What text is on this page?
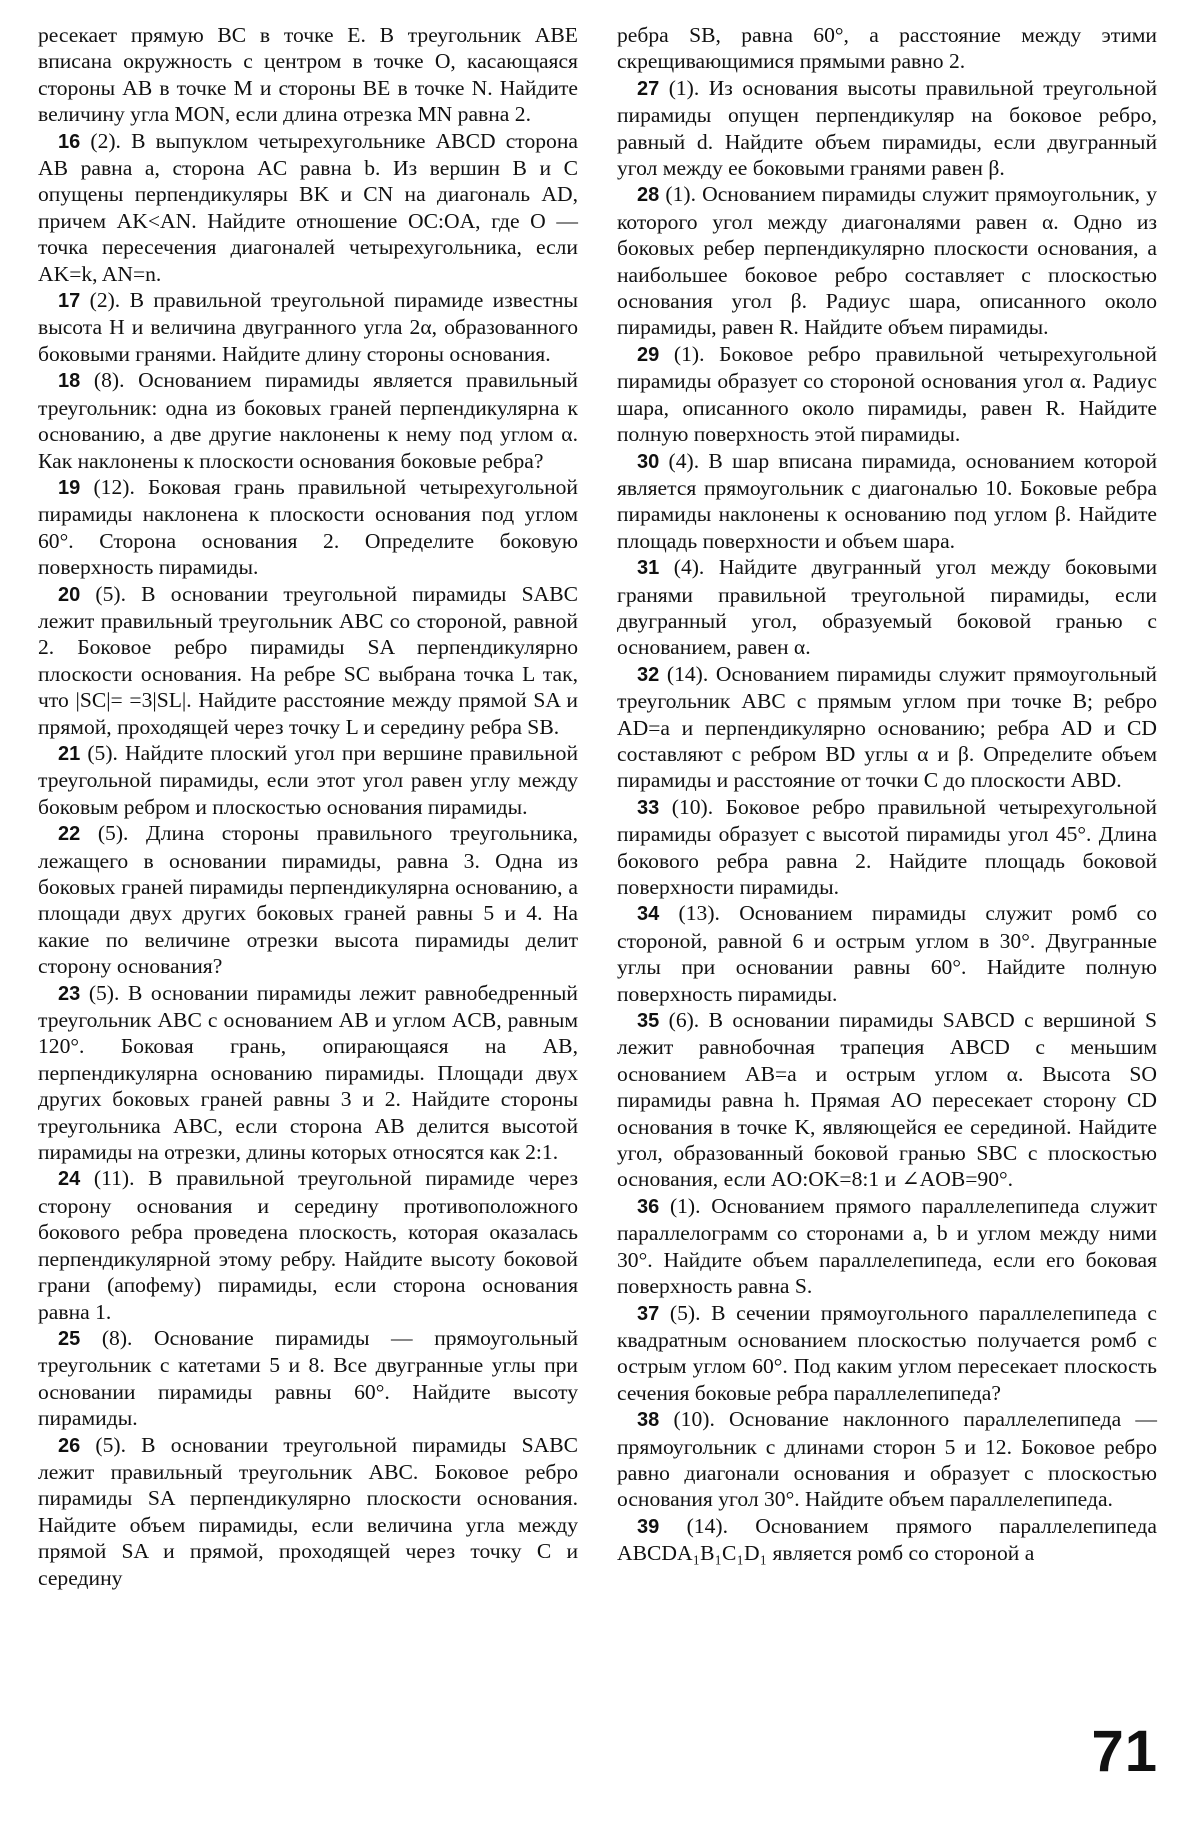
ресекает прямую BC в точке E. В треугольник ABE вписана окружность с центром в точке O, касающаяся стороны AB в точке M и стороны BE в точке N. Найдите величину угла MON, если длина отрезка MN равна 2.

16 (2). В выпуклом четырехугольнике ABCD сторона AB равна a, сторона AC равна b. Из вершин B и C опущены перпендикуляры BK и CN на диагональ AD, причем AK<AN. Найдите отношение OC:OA, где O — точка пересечения диагоналей четырехугольника, если AK=k, AN=n.

17 (2). В правильной треугольной пирамиде известны высота H и величина двугранного угла 2α, образованного боковыми гранями. Найдите длину стороны основания.

18 (8). Основанием пирамиды является правильный треугольник: одна из боковых граней перпендикулярна к основанию, а две другие наклонены к нему под углом α. Как наклонены к плоскости основания боковые ребра?

19 (12). Боковая грань правильной четырехугольной пирамиды наклонена к плоскости основания под углом 60°. Сторона основания 2. Определите боковую поверхность пирамиды.

20 (5). В основании треугольной пирамиды SABC лежит правильный треугольник ABC со стороной, равной 2. Боковое ребро пирамиды SA перпендикулярно плоскости основания. На ребре SC выбрана точка L так, что |SC|= =3|SL|. Найдите расстояние между прямой SA и прямой, проходящей через точку L и середину ребра SB.

21 (5). Найдите плоский угол при вершине правильной треугольной пирамиды, если этот угол равен углу между боковым ребром и плоскостью основания пирамиды.

22 (5). Длина стороны правильного треугольника, лежащего в основании пирамиды, равна 3. Одна из боковых граней пирамиды перпендикулярна основанию, а площади двух других боковых граней равны 5 и 4. На какие по величине отрезки высота пирамиды делит сторону основания?

23 (5). В основании пирамиды лежит равнобедренный треугольник ABC с основанием AB и углом ACB, равным 120°. Боковая грань, опирающаяся на AB, перпендикулярна основанию пирамиды. Площади двух других боковых граней равны 3 и 2. Найдите стороны треугольника ABC, если сторона AB делится высотой пирамиды на отрезки, длины которых относятся как 2:1.

24 (11). В правильной треугольной пирамиде через сторону основания и середину противоположного бокового ребра проведена плоскость, которая оказалась перпендикулярной этому ребру. Найдите высоту боковой грани (апофему) пирамиды, если сторона основания равна 1.

25 (8). Основание пирамиды — прямоугольный треугольник с катетами 5 и 8. Все двугранные углы при основании пирамиды равны 60°. Найдите высоту пирамиды.

26 (5). В основании треугольной пирамиды SABC лежит правильный треугольник ABC. Боковое ребро пирамиды SA перпендикулярно плоскости основания. Найдите объем пирамиды, если величина угла между прямой SA и прямой, проходящей через точку C и середину

ребра SB, равна 60°, а расстояние между этими скрещивающимися прямыми равно 2.

27 (1). Из основания высоты правильной треугольной пирамиды опущен перпендикуляр на боковое ребро, равный d. Найдите объем пирамиды, если двугранный угол между ее боковыми гранями равен β.

28 (1). Основанием пирамиды служит прямоугольник, у которого угол между диагоналями равен α. Одно из боковых ребер перпендикулярно плоскости основания, а наибольшее боковое ребро составляет с плоскостью основания угол β. Радиус шара, описанного около пирамиды, равен R. Найдите объем пирамиды.

29 (1). Боковое ребро правильной четырехугольной пирамиды образует со стороной основания угол α. Радиус шара, описанного около пирамиды, равен R. Найдите полную поверхность этой пирамиды.

30 (4). В шар вписана пирамида, основанием которой является прямоугольник с диагональю 10. Боковые ребра пирамиды наклонены к основанию под углом β. Найдите площадь поверхности и объем шара.

31 (4). Найдите двугранный угол между боковыми гранями правильной треугольной пирамиды, если двугранный угол, образуемый боковой гранью с основанием, равен α.

32 (14). Основанием пирамиды служит прямоугольный треугольник ABC с прямым углом при точке B; ребро AD=a и перпендикулярно основанию; ребра AD и CD составляют с ребром BD углы α и β. Определите объем пирамиды и расстояние от точки C до плоскости ABD.

33 (10). Боковое ребро правильной четырехугольной пирамиды образует с высотой пирамиды угол 45°. Длина бокового ребра равна 2. Найдите площадь боковой поверхности пирамиды.

34 (13). Основанием пирамиды служит ромб со стороной, равной 6 и острым углом в 30°. Двугранные углы при основании равны 60°. Найдите полную поверхность пирамиды.

35 (6). В основании пирамиды SABCD с вершиной S лежит равнобочная трапеция ABCD с меньшим основанием AB=a и острым углом α. Высота SO пирамиды равна h. Прямая AO пересекает сторону CD основания в точке K, являющейся ее серединой. Найдите угол, образованный боковой гранью SBC с плоскостью основания, если AO:OK=8:1 и ∠AOB=90°.

36 (1). Основанием прямого параллелепипеда служит параллелограмм со сторонами a, b и углом между ними 30°. Найдите объем параллелепипеда, если его боковая поверхность равна S.

37 (5). В сечении прямоугольного параллелепипеда с квадратным основанием плоскостью получается ромб с острым углом 60°. Под каким углом пересекает плоскость сечения боковые ребра параллелепипеда?

38 (10). Основание наклонного параллелепипеда — прямоугольник с длинами сторон 5 и 12. Боковое ребро равно диагонали основания и образует с плоскостью основания угол 30°. Найдите объем параллелепипеда.

39 (14). Основанием прямого параллелепипеда ABCDA₁B₁C₁D₁ является ромб со стороной a

71
